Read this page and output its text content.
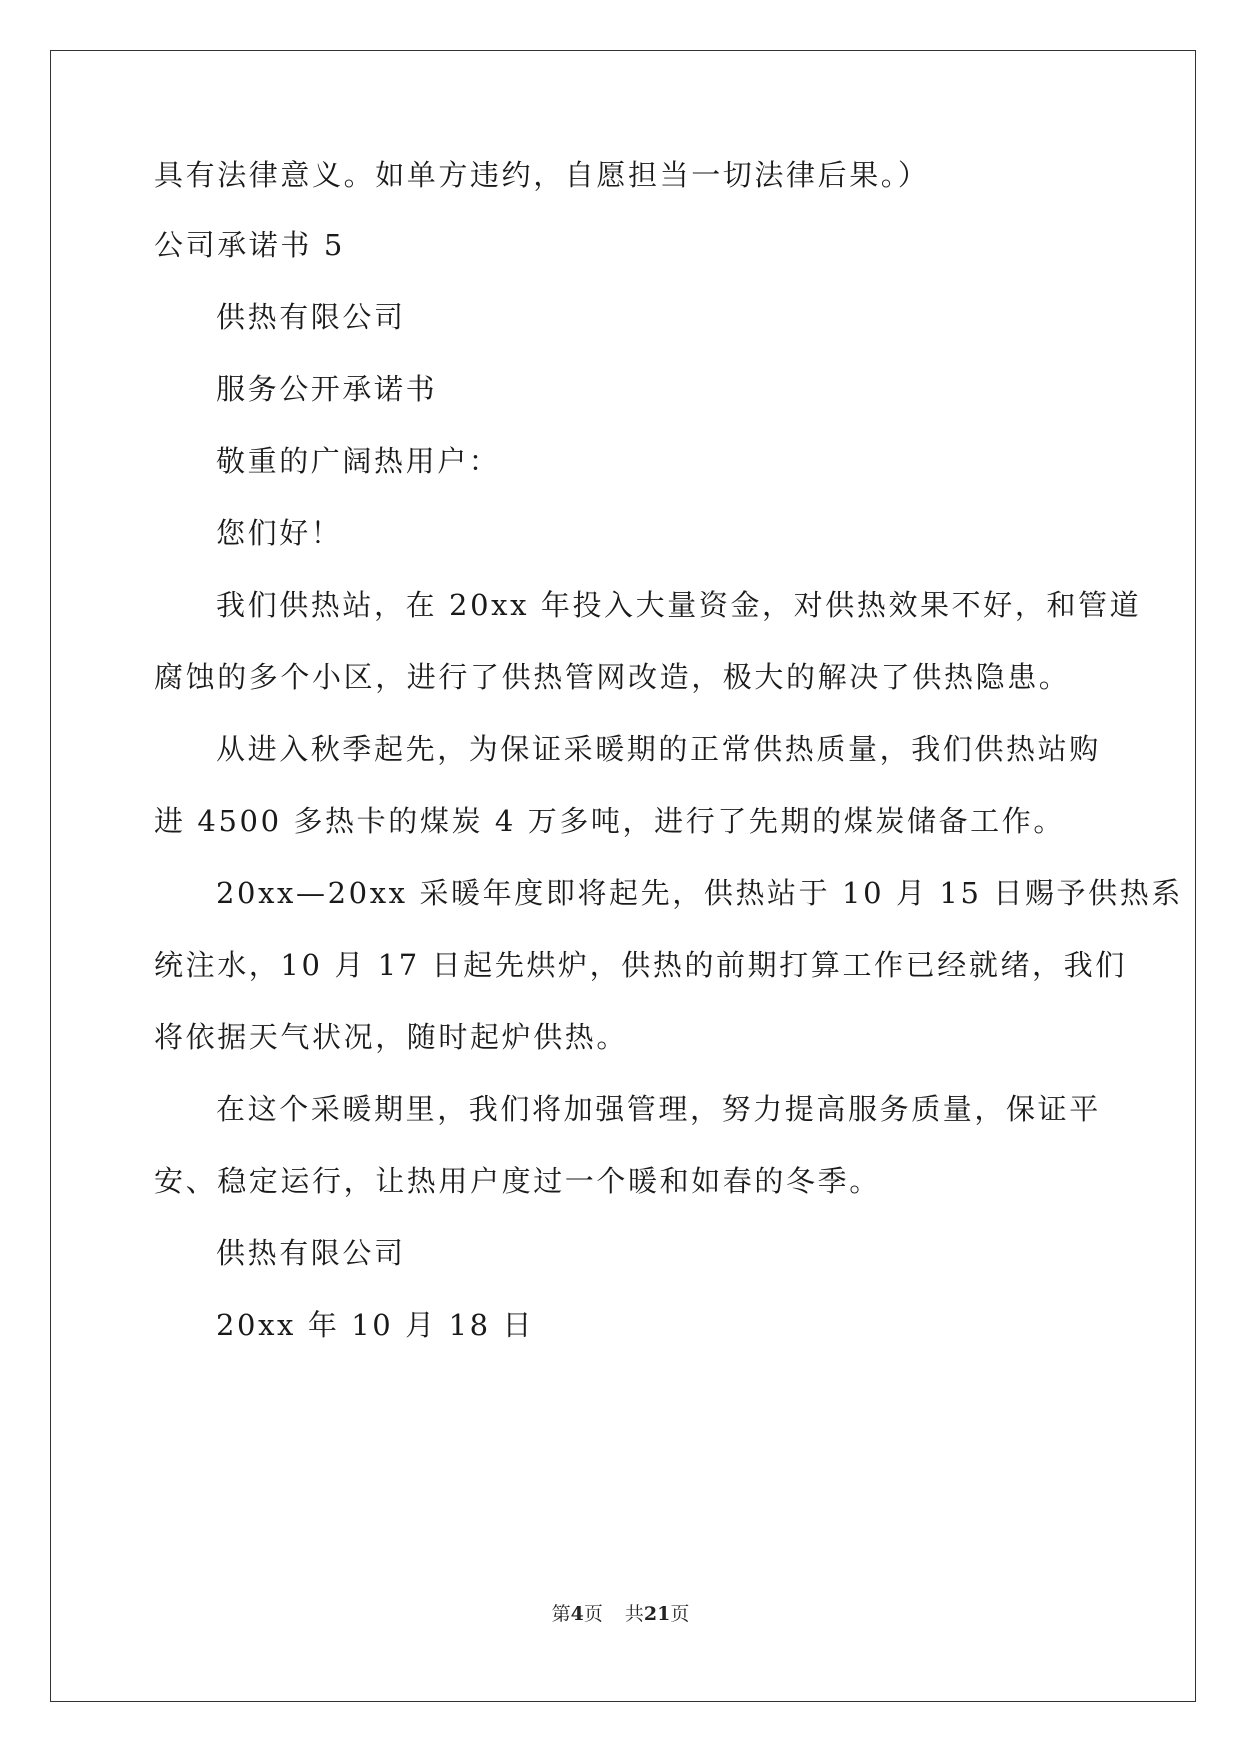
具有法律意义。如单方违约，自愿担当一切法律后果。）
公司承诺书 5
供热有限公司
服务公开承诺书
敬重的广阔热用户：
您们好！
我们供热站，在 20xx 年投入大量资金，对供热效果不好，和管道
腐蚀的多个小区，进行了供热管网改造，极大的解决了供热隐患。
从进入秋季起先，为保证采暖期的正常供热质量，我们供热站购
进 4500 多热卡的煤炭 4 万多吨，进行了先期的煤炭储备工作。
20xx—20xx 采暖年度即将起先，供热站于 10 月 15 日赐予供热系
统注水，10 月 17 日起先烘炉，供热的前期打算工作已经就绪，我们
将依据天气状况，随时起炉供热。
在这个采暖期里，我们将加强管理，努力提高服务质量，保证平
安、稳定运行，让热用户度过一个暖和如春的冬季。
供热有限公司
20xx 年 10 月 18 日
第4页 共21页
